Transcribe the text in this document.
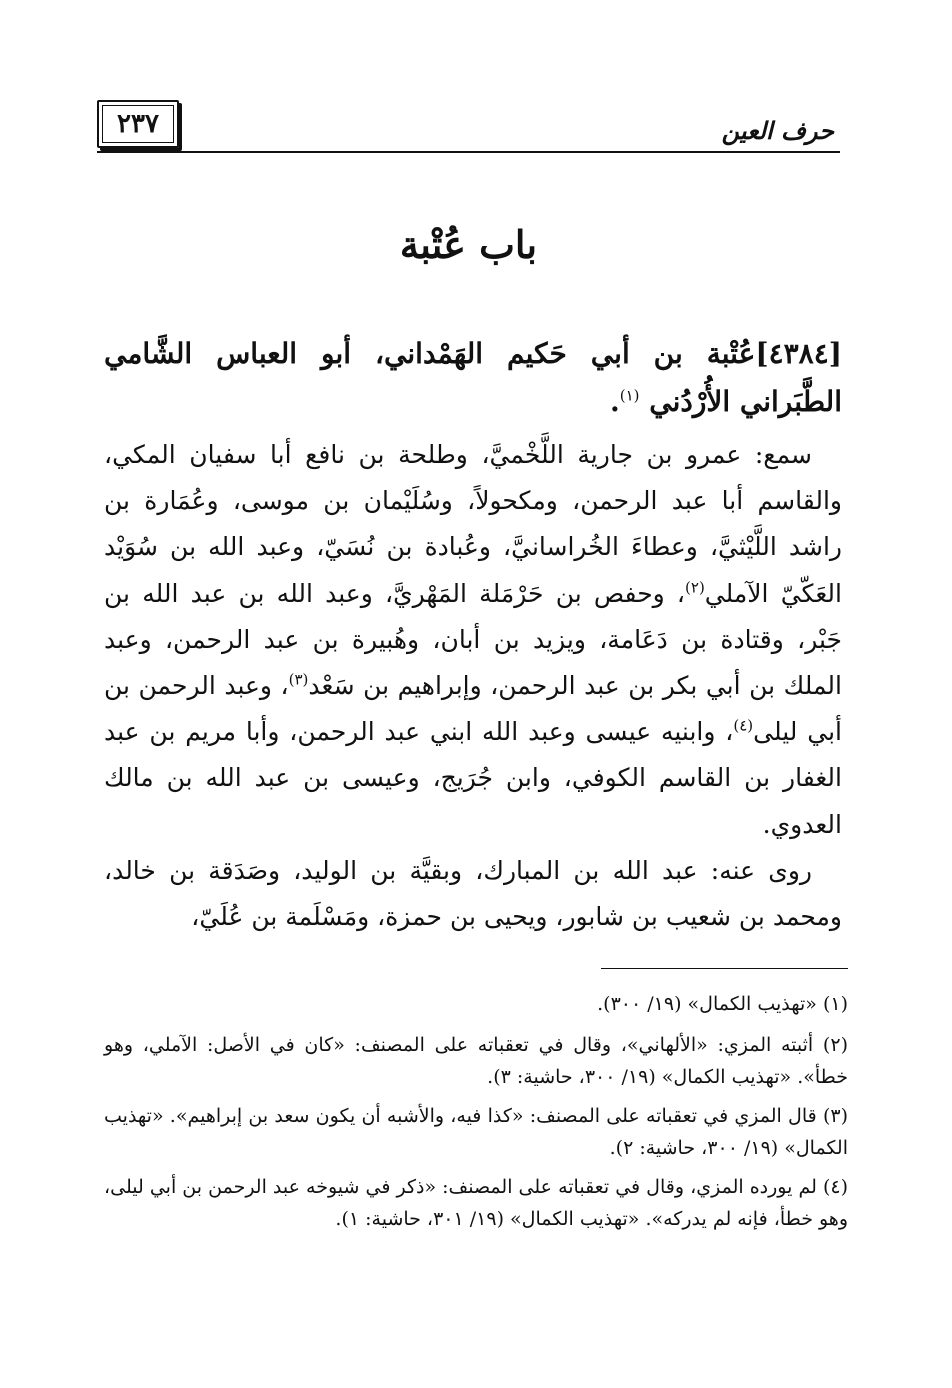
حرف العين
٢٣٧
باب عُتْبة
[٤٣٨٤]عُتْبة بن أبي حَكيم الهَمْداني، أبو العباس الشَّامي الطَّبَراني الأُرْدُني $^{(١)}$.

سمع: عمرو بن جارية اللَّخْميَّ، وطلحة بن نافع أبا سفيان المكي، والقاسم أبا عبد الرحمن، ومكحولاً، وسُلَيْمان بن موسى، وعُمَارة بن راشد اللَّيْثيَّ، وعطاءَ الخُراسانيَّ، وعُبادة بن نُسَيّ، وعبد الله بن سُوَيْد العَكّيّ الآملي$^{(٢)}$، وحفص بن حَرْمَلة المَهْريَّ، وعبد الله بن عبد الله بن جَبْر، وقتادة بن دَعَامة، ويزيد بن أبان، وهُبيرة بن عبد الرحمن، وعبد الملك بن أبي بكر بن عبد الرحمن، وإبراهيم بن سَعْد$^{(٣)}$، وعبد الرحمن بن أبي ليلى$^{(٤)}$، وابنيه عيسى وعبد الله ابني عبد الرحمن، وأبا مريم بن عبد الغفار بن القاسم الكوفي، وابن جُرَيج، وعيسى بن عبد الله بن مالك العدوي.

روى عنه: عبد الله بن المبارك، وبقيَّة بن الوليد، وصَدَقة بن خالد، ومحمد بن شعيب بن شابور، ويحيى بن حمزة، ومَسْلَمة بن عُلَيّ،

(١) «تهذيب الكمال» (١٩/ ٣٠٠).

(٢) أثبته المزي: «الألهاني»، وقال في تعقباته على المصنف: «كان في الأصل: الآملي، وهو خطأ». «تهذيب الكمال» (١٩/ ٣٠٠، حاشية: ٣).

(٣) قال المزي في تعقباته على المصنف: «كذا فيه، والأشبه أن يكون سعد بن إبراهيم». «تهذيب الكمال» (١٩/ ٣٠٠، حاشية: ٢).

(٤) لم يورده المزي، وقال في تعقباته على المصنف: «ذكر في شيوخه عبد الرحمن بن أبي ليلى، وهو خطأ، فإنه لم يدركه». «تهذيب الكمال» (١٩/ ٣٠١، حاشية: ١).
